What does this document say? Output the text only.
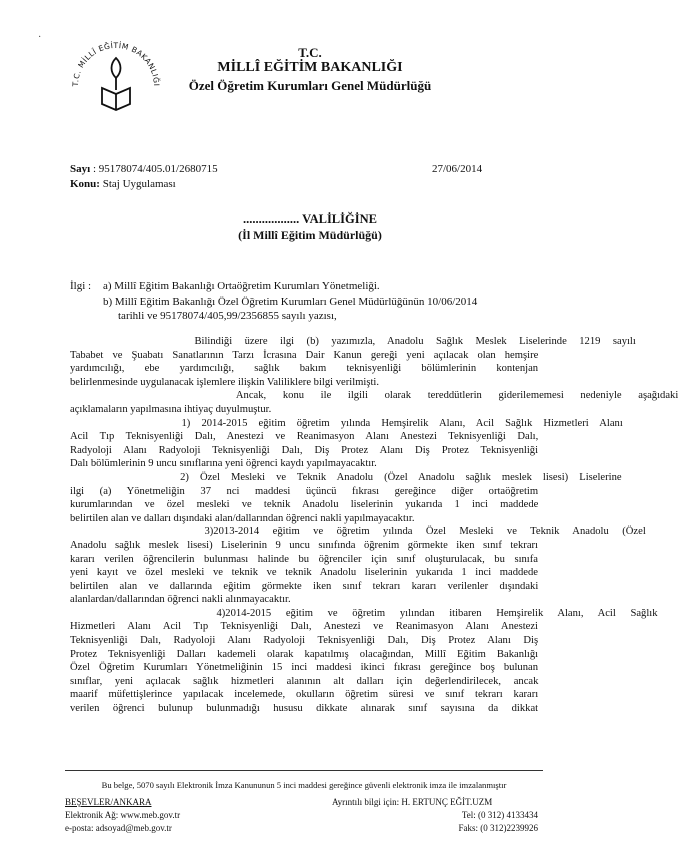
·
T.C. MİLLÎ EĞİTİM BAKANLIĞI
T.C.
MİLLÎ EĞİTİM BAKANLIĞI
Özel Öğretim Kurumları Genel Müdürlüğü
Sayı : 95178074/405.01/2680715
Konu: Staj Uygulaması
27/06/2014
.................. VALİLİĞİNE
(İl Millî Eğitim Müdürlüğü)
İlgi : a) Millî Eğitim Bakanlığı Ortaöğretim Kurumları Yönetmeliği.
b) Millî Eğitim Bakanlığı Özel Öğretim Kurumları Genel Müdürlüğünün 10/06/2014
tarihli ve 95178074/405,99/2356855 sayılı yazısı,
Bilindiği üzere ilgi (b) yazımızla, Anadolu Sağlık Meslek Liselerinde 1219 sayılı
Tababet ve Şuabatı Sanatlarının Tarzı İcrasına Dair Kanun gereği yeni açılacak olan hemşire
yardımcılığı, ebe yardımcılığı, sağlık bakım teknisyenliği bölümlerinin kontenjan
belirlenmesinde uygulanacak işlemlere ilişkin Valiliklere bilgi verilmişti.
Ancak, konu ile ilgili olarak tereddütlerin giderilememesi nedeniyle aşağıdaki
açıklamaların yapılmasına ihtiyaç duyulmuştur.
1) 2014-2015 eğitim öğretim yılında Hemşirelik Alanı, Acil Sağlık Hizmetleri Alanı
Acil Tıp Teknisyenliği Dalı, Anestezi ve Reanimasyon Alanı Anestezi Teknisyenliği Dalı,
Radyoloji Alanı Radyoloji Teknisyenliği Dalı, Diş Protez Alanı Diş Protez Teknisyenliği
Dalı bölümlerinin 9 uncu sınıflarına yeni öğrenci kaydı yapılmayacaktır.
2) Özel Mesleki ve Teknik Anadolu (Özel Anadolu sağlık meslek lisesi) Liselerine
ilgi (a) Yönetmeliğin 37 nci maddesi üçüncü fıkrası gereğince diğer ortaöğretim
kurumlarından ve özel mesleki ve teknik Anadolu liselerinin yukarıda 1 inci maddede
belirtilen alan ve dalları dışındaki alan/dallarından öğrenci nakli yapılmayacaktır.
3)2013-2014 eğitim ve öğretim yılında Özel Mesleki ve Teknik Anadolu (Özel
Anadolu sağlık meslek lisesi) Liselerinin 9 uncu sınıfında öğrenim görmekte iken sınıf tekrarı
kararı verilen öğrencilerin bulunması halinde bu öğrenciler için sınıf oluşturulacak, bu sınıfa
yeni kayıt ve özel mesleki ve teknik ve teknik Anadolu liselerinin yukarıda 1 inci maddede
belirtilen alan ve dallarında eğitim görmekte iken sınıf tekrarı kararı verilenler dışındaki
alanlardan/dallarından öğrenci nakli alınmayacaktır.
4)2014-2015 eğitim ve öğretim yılından itibaren Hemşirelik Alanı, Acil Sağlık
Hizmetleri Alanı Acil Tıp Teknisyenliği Dalı, Anestezi ve Reanimasyon Alanı Anestezi
Teknisyenliği Dalı, Radyoloji Alanı Radyoloji Teknisyenliği Dalı, Diş Protez Alanı Diş
Protez Teknisyenliği Dalları kademeli olarak kapatılmış olacağından, Millî Eğitim Bakanlığı
Özel Öğretim Kurumları Yönetmeliğinin 15 inci maddesi ikinci fıkrası gereğince boş bulunan
sınıflar, yeni açılacak sağlık hizmetleri alanının alt dalları için değerlendirilecek, ancak
maarif müfettişlerince yapılacak incelemede, okulların öğretim süresi ve sınıf tekrarı kararı
verilen öğrenci bulunup bulunmadığı hususu dikkate alınarak sınıf sayısına da dikkat
Bu belge, 5070 sayılı Elektronik İmza Kanununun 5 inci maddesi gereğince güvenli elektronik imza ile imzalanmıştır
BEŞEVLER/ANKARA
Elektronik Ağ: www.meb.gov.tr
e-posta: adsoyad@meb.gov.tr
Ayrıntılı bilgi için: H. ERTUNÇ EĞİT.UZM
Tel: (0 312) 4133434
Faks: (0 312)2239926
